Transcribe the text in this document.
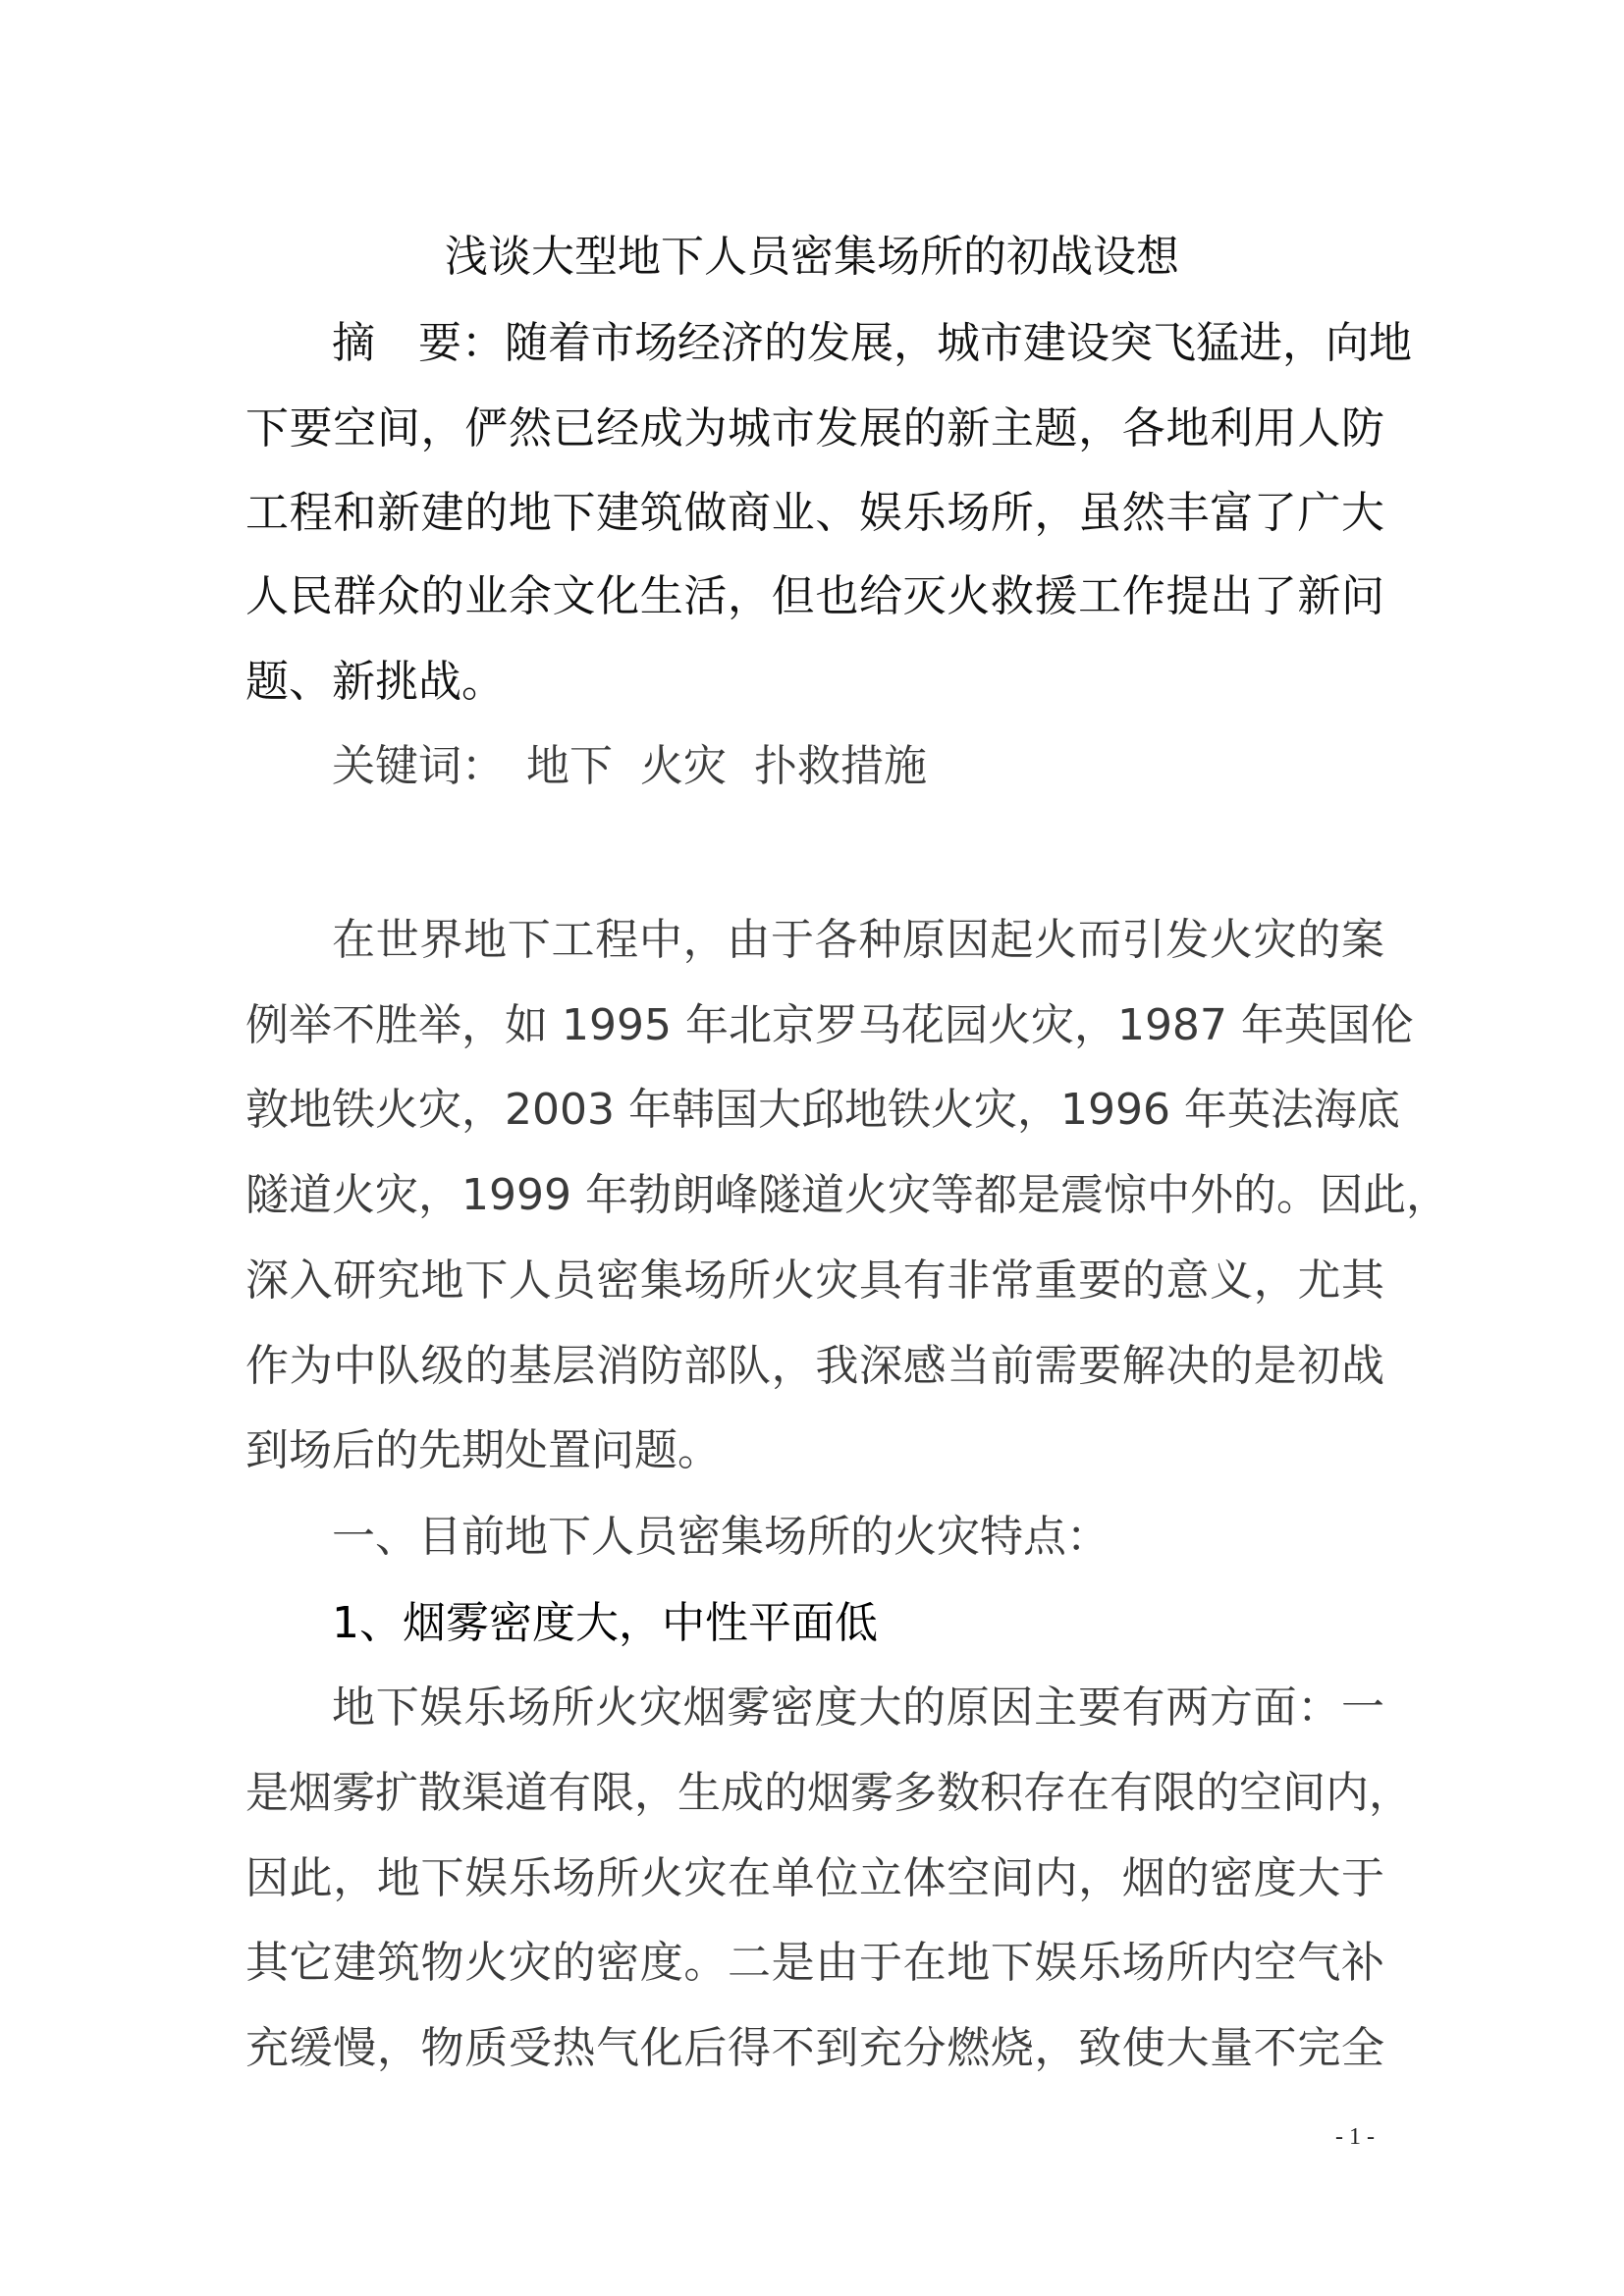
浅谈大型地下人员密集场所的初战设想
摘　要：随着市场经济的发展，城市建设突飞猛进，向地
下要空间，俨然已经成为城市发展的新主题，各地利用人防
工程和新建的地下建筑做商业、娱乐场所，虽然丰富了广大
人民群众的业余文化生活，但也给灭火救援工作提出了新问
题、新挑战。
关键词：　地下  火灾  扑救措施
在世界地下工程中，由于各种原因起火而引发火灾的案
例举不胜举，如 1995 年北京罗马花园火灾，1987 年英国伦
敦地铁火灾，2003 年韩国大邱地铁火灾，1996 年英法海底
隧道火灾，1999 年勃朗峰隧道火灾等都是震惊中外的。因此，
深入研究地下人员密集场所火灾具有非常重要的意义，尤其
作为中队级的基层消防部队，我深感当前需要解决的是初战
到场后的先期处置问题。
一、目前地下人员密集场所的火灾特点：
1、烟雾密度大，中性平面低
地下娱乐场所火灾烟雾密度大的原因主要有两方面：一
是烟雾扩散渠道有限，生成的烟雾多数积存在有限的空间内，
因此，地下娱乐场所火灾在单位立体空间内，烟的密度大于
其它建筑物火灾的密度。二是由于在地下娱乐场所内空气补
充缓慢，物质受热气化后得不到充分燃烧，致使大量不完全
- 1 -
